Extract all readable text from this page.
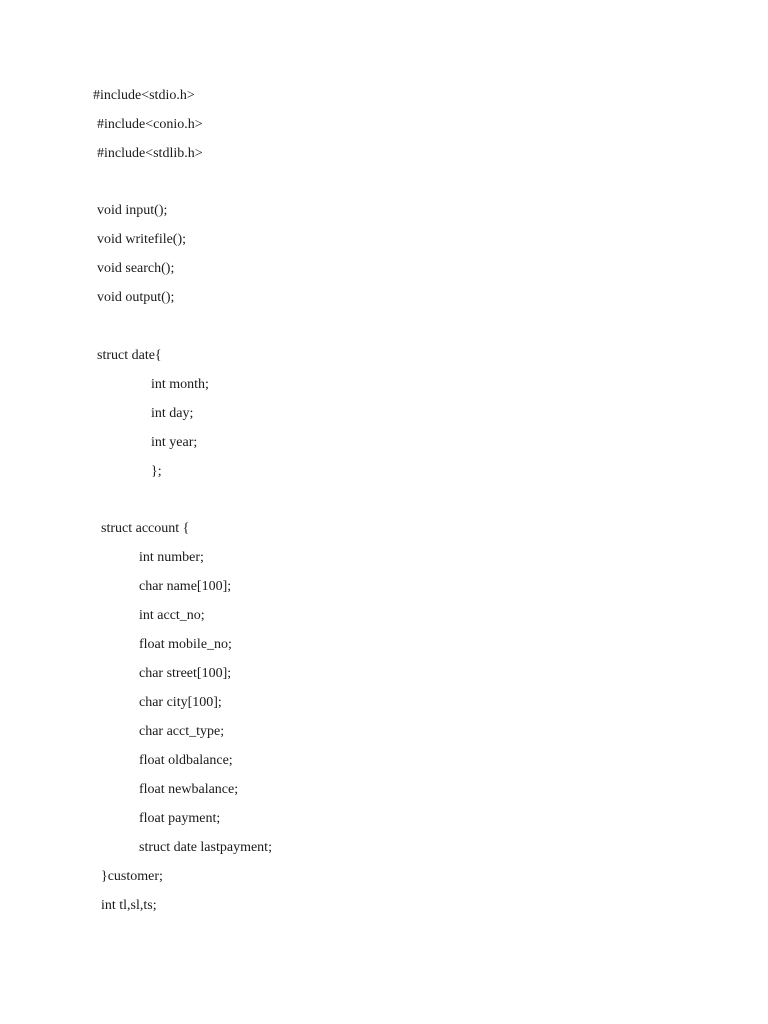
#include<stdio.h>
#include<conio.h>
#include<stdlib.h>
void input();
void writefile();
void search();
void output();
struct date{
int month;
int day;
int year;
};
struct account {
int number;
char name[100];
int acct_no;
float mobile_no;
char street[100];
char city[100];
char acct_type;
float oldbalance;
float newbalance;
float payment;
struct date lastpayment;
}customer;
int tl,sl,ts;
